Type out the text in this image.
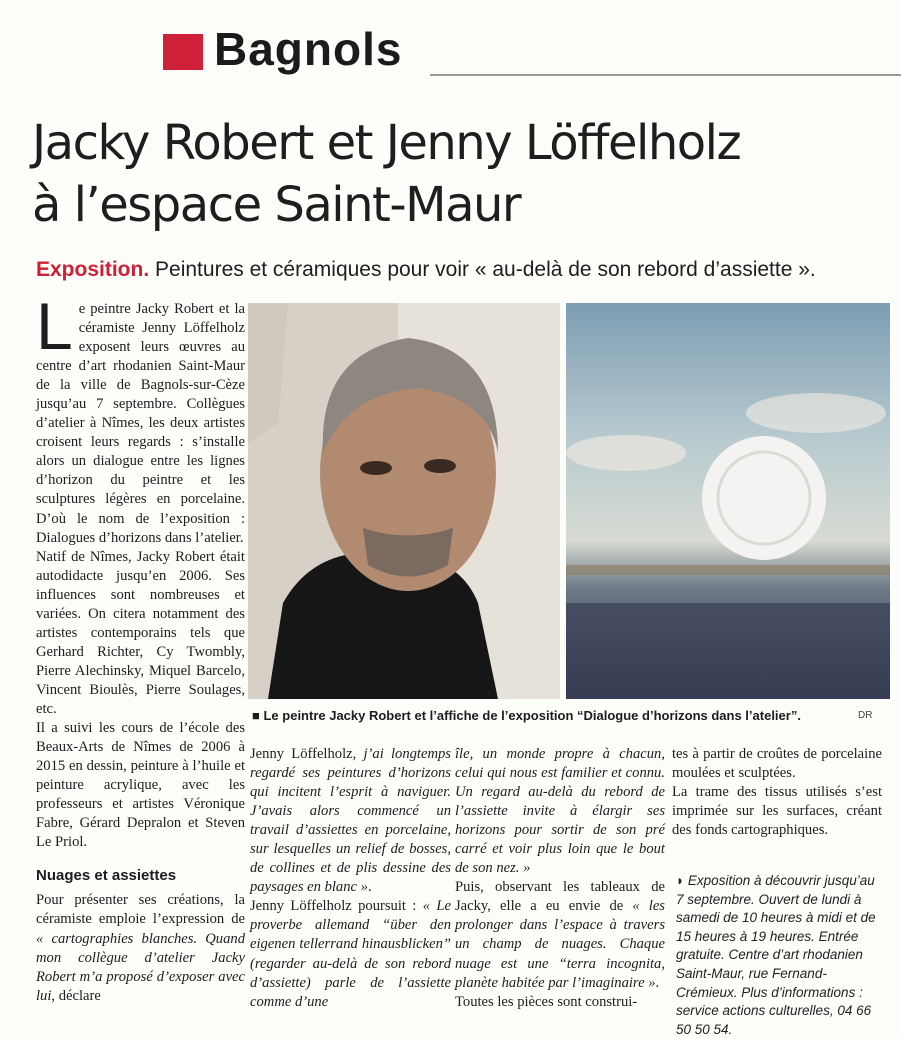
Bagnols
Jacky Robert et Jenny Löffelholz
à l’espace Saint-Maur
Exposition. Peintures et céramiques pour voir « au-delà de son rebord d’assiette ».

Le peintre Jacky Robert et la céramiste Jenny Löffelholz exposent leurs œuvres au centre d’art rhodanien Saint-Maur de la ville de Bagnols-sur-Cèze jusqu’au 7 septembre. Collègues d’atelier à Nîmes, les deux artistes croisent leurs regards : s’installe alors un dialogue entre les lignes d’horizon du peintre et les sculptures légères en porcelaine. D’où le nom de l’exposition : Dialogues d’horizons dans l’atelier.

Natif de Nîmes, Jacky Robert était autodidacte jusqu’en 2006. Ses influences sont nombreuses et variées. On citera notamment des artistes contemporains tels que Gerhard Richter, Cy Twombly, Pierre Alechinsky, Miquel Barcelo, Vincent Bioulès, Pierre Soulages, etc.

Il a suivi les cours de l’école des Beaux-Arts de Nîmes de 2006 à 2015 en dessin, peinture à l’huile et peinture acrylique, avec les professeurs et artistes Véronique Fabre, Gérard Depralon et Steven Le Priol.

Nuages et assiettes

Pour présenter ses créations, la céramiste emploie l’expression de « cartographies blanches. Quand mon collègue d’atelier Jacky Robert m’a proposé d’exposer avec lui, déclare

■ Le peintre Jacky Robert et l’affiche de l’exposition “Dialogue d’horizons dans l’atelier”.	DR

Jenny Löffelholz, j’ai longtemps regardé ses peintures d’horizons qui incitent l’esprit à naviguer. J’avais alors commencé un travail d’assiettes en porcelaine, sur lesquelles un relief de bosses, de collines et de plis dessine des paysages en blanc ».

Jenny Löffelholz poursuit : « Le proverbe allemand “über den eigenen tellerrand hinausblicken” (regarder au-delà de son rebord d’assiette) parle de l’assiette comme d’une

île, un monde propre à chacun, celui qui nous est familier et connu. Un regard au-delà du rebord de l’assiette invite à élargir ses horizons pour sortir de son pré carré et voir plus loin que le bout de son nez. »

Puis, observant les tableaux de Jacky, elle a eu envie de « les prolonger dans l’espace à travers un champ de nuages. Chaque nuage est une “terra incognita, planète habitée par l’imaginaire ».

Toutes les pièces sont construi-

tes à partir de croûtes de porcelaine moulées et sculptées.

La trame des tissus utilisés s’est imprimée sur les surfaces, créant des fonds cartographiques.

◗ Exposition à découvrir jusqu’au 7 septembre. Ouvert de lundi à samedi de 10 heures à midi et de 15 heures à 19 heures. Entrée gratuite. Centre d’art rhodanien Saint-Maur, rue Fernand-Crémieux. Plus d’informations : service actions culturelles, 04 66 50 50 54.
